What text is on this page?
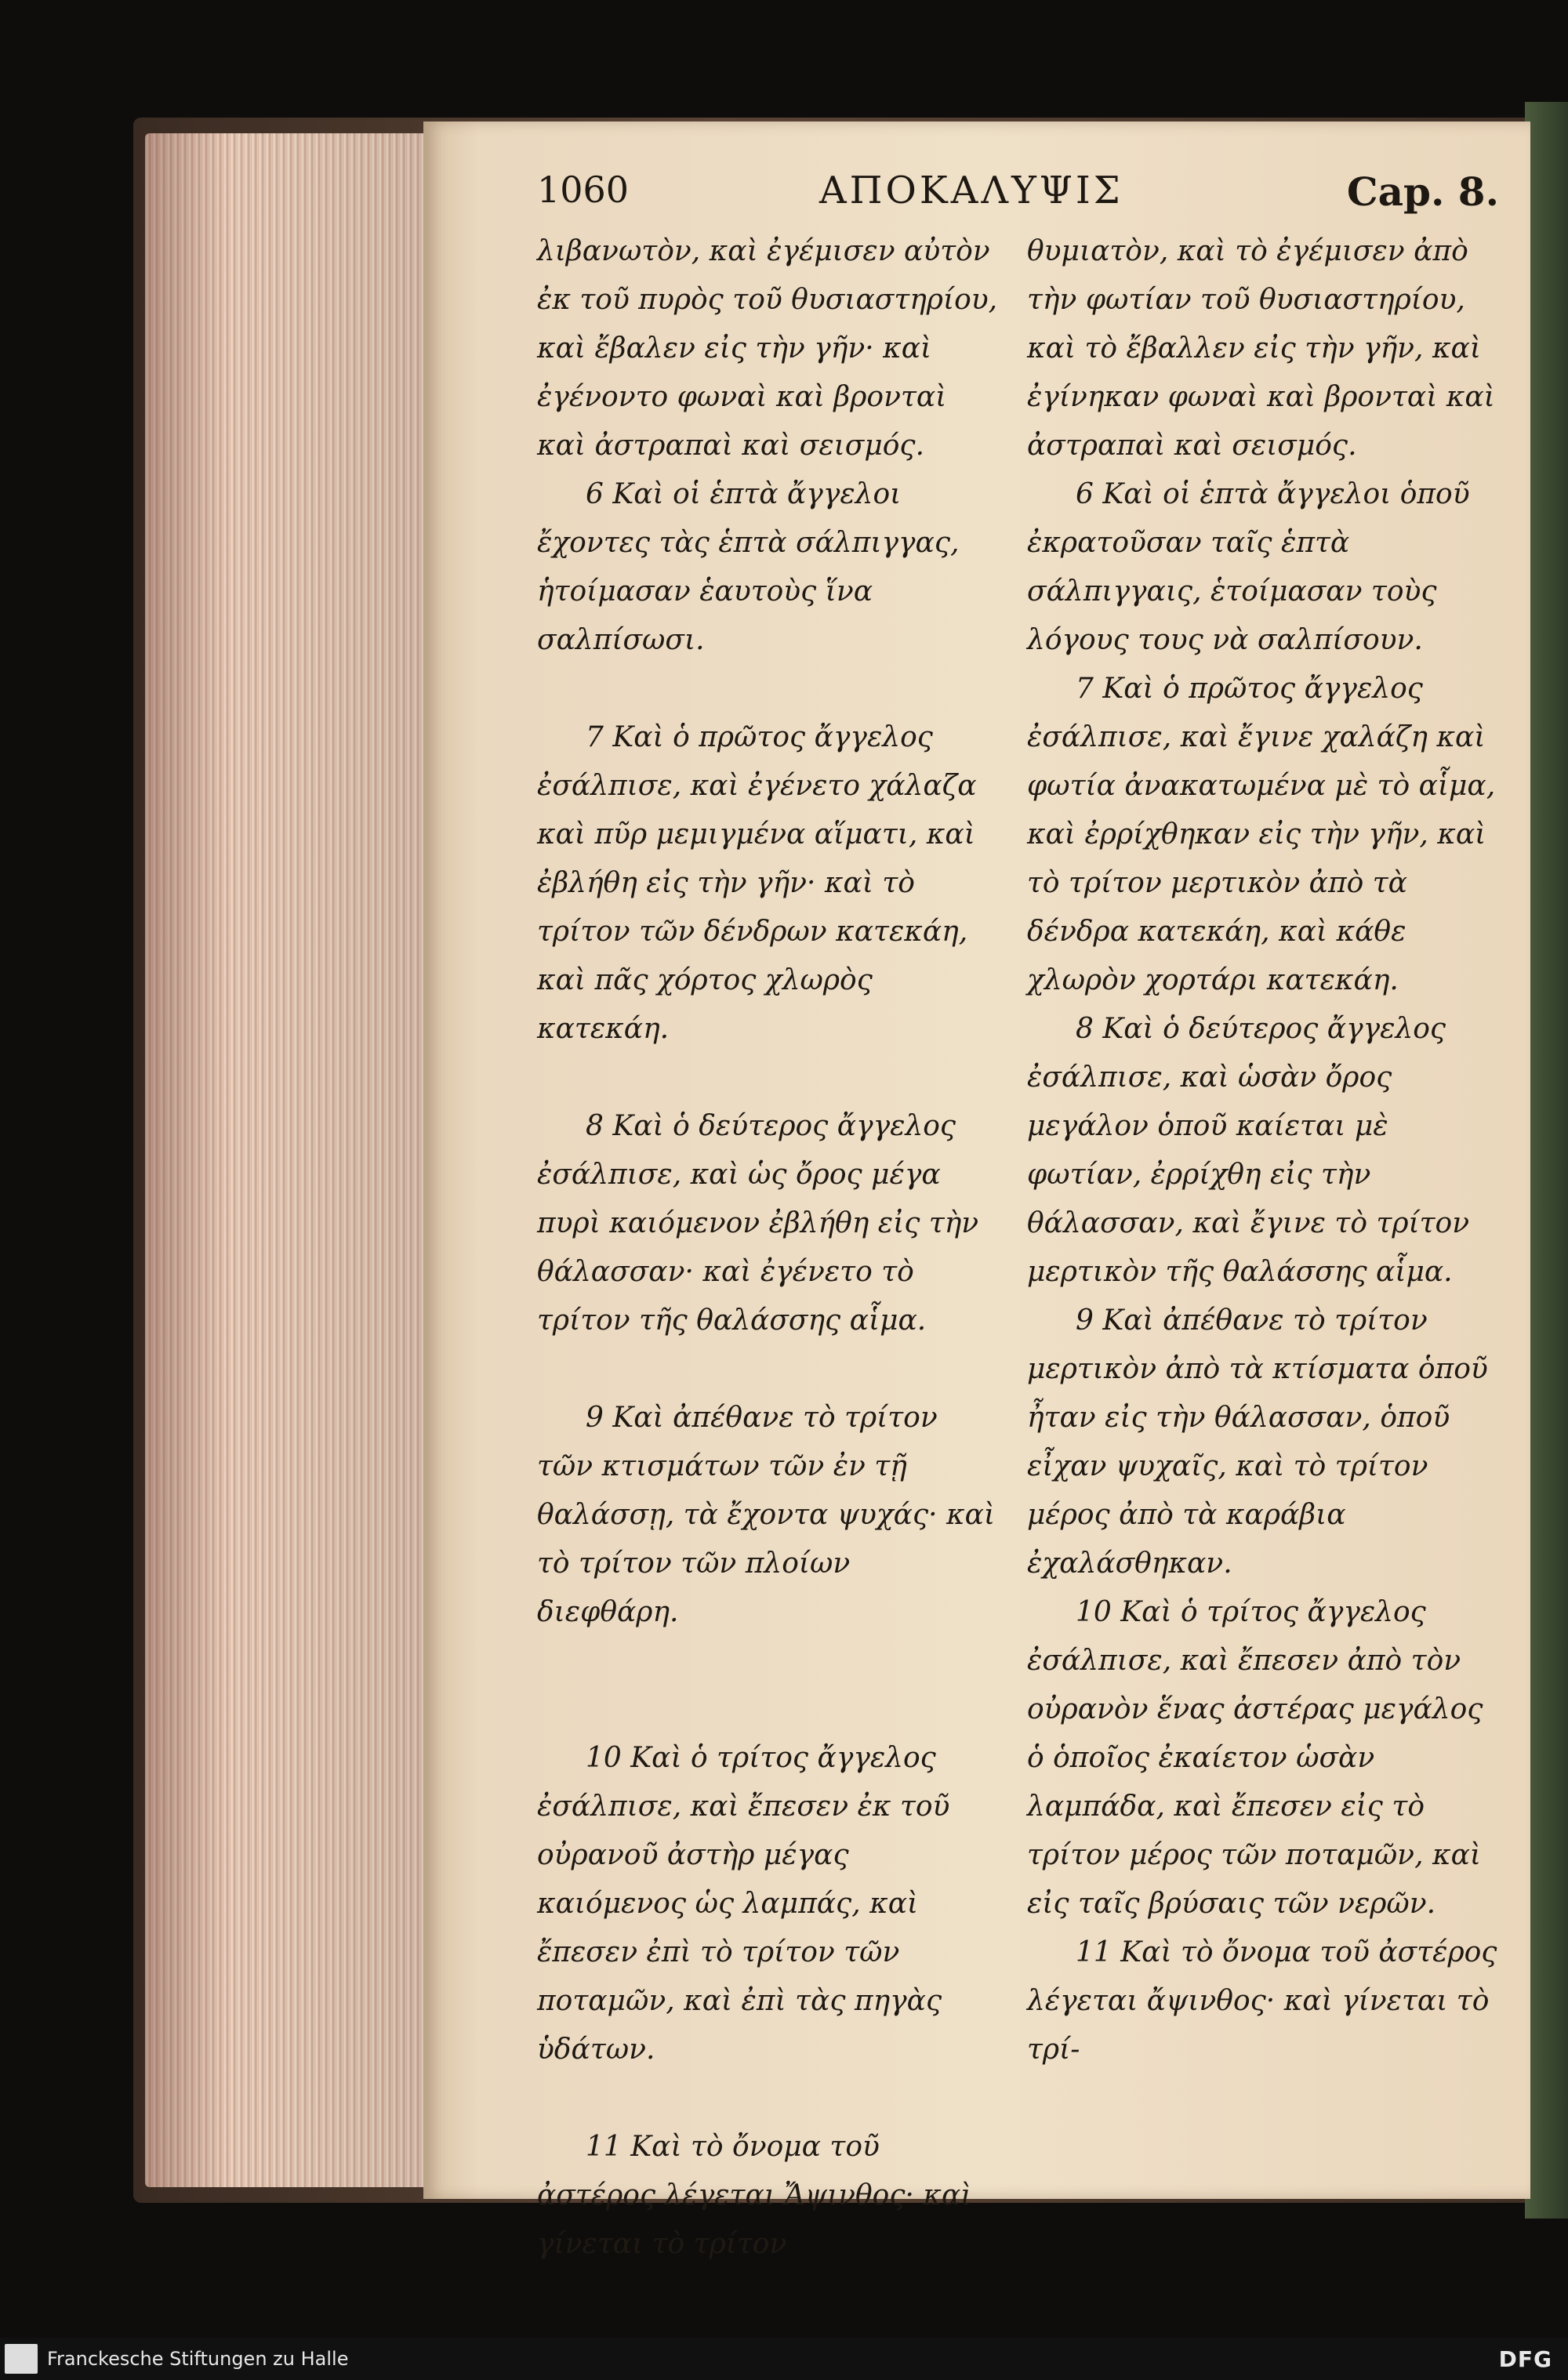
1060	ΑΠΟΚΑΛΥΨΙΣ	Cap. 8.

λιβανωτὸν, καὶ ἐγέμισεν αὐτὸν ἐκ τοῦ πυρὸς τοῦ θυσιαστηρίου, καὶ ἔβαλεν εἰς τὴν γῆν· καὶ ἐγένοντο φωναὶ καὶ βρονταὶ καὶ ἀστραπαὶ καὶ σεισμός.

6 Καὶ οἱ ἑπτὰ ἄγγελοι ἔχοντες τὰς ἑπτὰ σάλπιγγας, ἡτοίμασαν ἑαυτοὺς ἵνα σαλπίσωσι.

7 Καὶ ὁ πρῶτος ἄγγελος ἐσάλπισε, καὶ ἐγένετο χάλαζα καὶ πῦρ μεμιγμένα αἵματι, καὶ ἐβλήθη εἰς τὴν γῆν· καὶ τὸ τρίτον τῶν δένδρων κατεκάη, καὶ πᾶς χόρτος χλωρὸς κατεκάη.

8 Καὶ ὁ δεύτερος ἄγγελος ἐσάλπισε, καὶ ὡς ὄρος μέγα πυρὶ καιόμενον ἐβλήθη εἰς τὴν θάλασσαν· καὶ ἐγένετο τὸ τρίτον τῆς θαλάσσης αἷμα.

9 Καὶ ἀπέθανε τὸ τρίτον τῶν κτισμάτων τῶν ἐν τῇ θαλάσσῃ, τὰ ἔχοντα ψυχάς· καὶ τὸ τρίτον τῶν πλοίων διεφθάρη.

10 Καὶ ὁ τρίτος ἄγγελος ἐσάλπισε, καὶ ἔπεσεν ἐκ τοῦ οὐρανοῦ ἀστὴρ μέγας καιόμενος ὡς λαμπάς, καὶ ἔπεσεν ἐπὶ τὸ τρίτον τῶν ποταμῶν, καὶ ἐπὶ τὰς πηγὰς ὑδάτων.

11 Καὶ τὸ ὄνομα τοῦ ἀστέρος λέγεται Ἄψινθος· καὶ γίνεται τὸ τρίτον

θυμιατὸν, καὶ τὸ ἐγέμισεν ἀπὸ τὴν φωτίαν τοῦ θυσιαστηρίου, καὶ τὸ ἔβαλλεν εἰς τὴν γῆν, καὶ ἐγίνηκαν φωναὶ καὶ βρονταὶ καὶ ἀστραπαὶ καὶ σεισμός.

6 Καὶ οἱ ἑπτὰ ἄγγελοι ὁποῦ ἐκρατοῦσαν ταῖς ἑπτὰ σάλπιγγαις, ἑτοίμασαν τοὺς λόγους τους νὰ σαλπίσουν.

7 Καὶ ὁ πρῶτος ἄγγελος ἐσάλπισε, καὶ ἔγινε χαλάζη καὶ φωτία ἀνακατωμένα μὲ τὸ αἷμα, καὶ ἐρρίχθηκαν εἰς τὴν γῆν, καὶ τὸ τρίτον μερτικὸν ἀπὸ τὰ δένδρα κατεκάη, καὶ κάθε χλωρὸν χορτάρι κατεκάη.

8 Καὶ ὁ δεύτερος ἄγγελος ἐσάλπισε, καὶ ὡσὰν ὄρος μεγάλον ὁποῦ καίεται μὲ φωτίαν, ἐρρίχθη εἰς τὴν θάλασσαν, καὶ ἔγινε τὸ τρίτον μερτικὸν τῆς θαλάσσης αἷμα.

9 Καὶ ἀπέθανε τὸ τρίτον μερτικὸν ἀπὸ τὰ κτίσματα ὁποῦ ἦταν εἰς τὴν θάλασσαν, ὁποῦ εἶχαν ψυχαῖς, καὶ τὸ τρίτον μέρος ἀπὸ τὰ καράβια ἐχαλάσθηκαν.

10 Καὶ ὁ τρίτος ἄγγελος ἐσάλπισε, καὶ ἔπεσεν ἀπὸ τὸν οὐρανὸν ἕνας ἀστέρας μεγάλος ὁ ὁποῖος ἐκαίετον ὡσὰν λαμπάδα, καὶ ἔπεσεν εἰς τὸ τρίτον μέρος τῶν ποταμῶν, καὶ εἰς ταῖς βρύσαις τῶν νερῶν.

11 Καὶ τὸ ὄνομα τοῦ ἀστέρος λέγεται ἄψινθος· καὶ γίνεται τὸ τρί-

Franckesche Stiftungen zu Halle	DFG
